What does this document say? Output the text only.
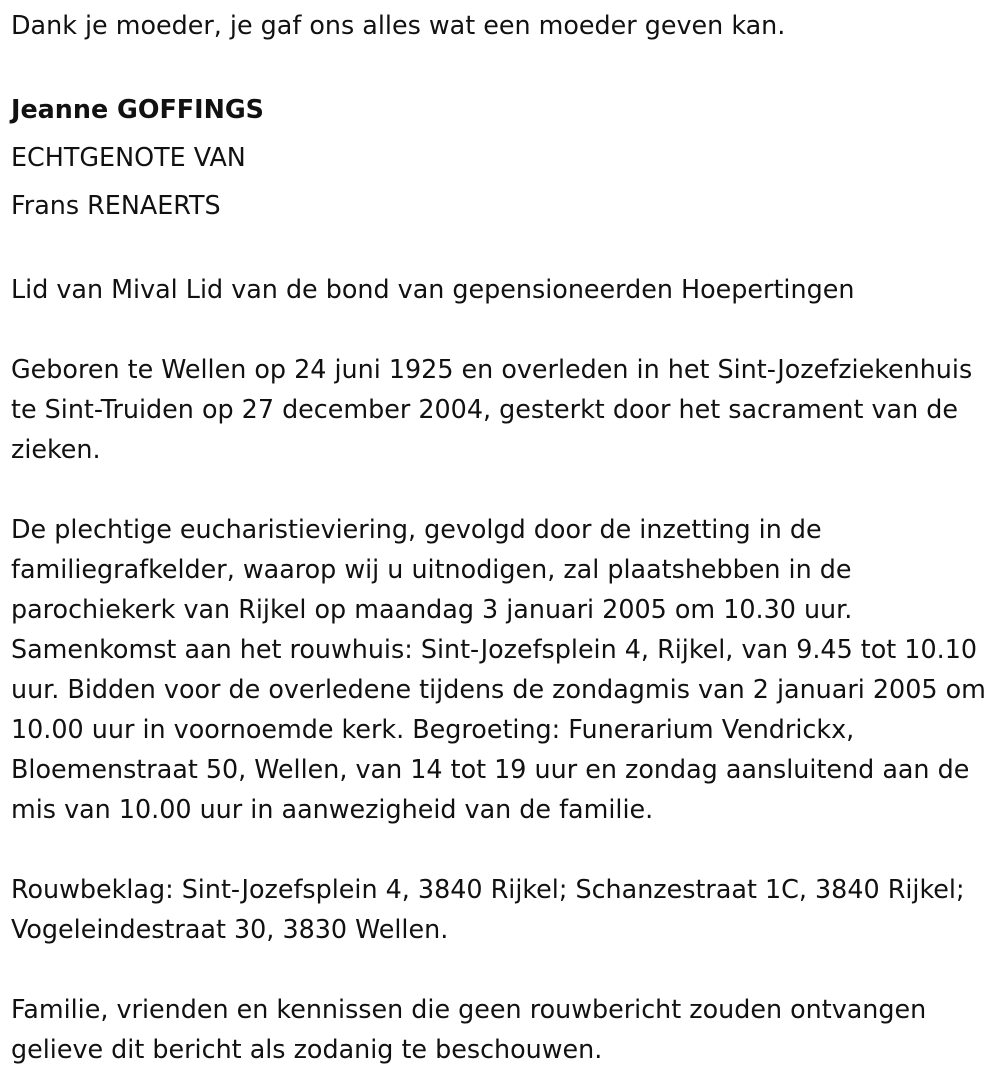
Dank je moeder, je gaf ons alles wat een moeder geven kan.

Jeanne GOFFINGS

ECHTGENOTE VAN

Frans RENAERTS

Lid van Mival Lid van de bond van gepensioneerden Hoepertingen

Geboren te Wellen op 24 juni 1925 en overleden in het Sint-Jozefziekenhuis te Sint-Truiden op 27 december 2004, gesterkt door het sacrament van de zieken.

De plechtige eucharistieviering, gevolgd door de inzetting in de familiegrafkelder, waarop wij u uitnodigen, zal plaatshebben in de parochiekerk van Rijkel op maandag 3 januari 2005 om 10.30 uur. Samenkomst aan het rouwhuis: Sint-Jozefsplein 4, Rijkel, van 9.45 tot 10.10 uur. Bidden voor de overledene tijdens de zondagmis van 2 januari 2005 om 10.00 uur in voornoemde kerk. Begroeting: Funerarium Vendrickx, Bloemenstraat 50, Wellen, van 14 tot 19 uur en zondag aansluitend aan de mis van 10.00 uur in aanwezigheid van de familie.

Rouwbeklag: Sint-Jozefsplein 4, 3840 Rijkel; Schanzestraat 1C, 3840 Rijkel; Vogeleindestraat 30, 3830 Wellen.

Familie, vrienden en kennissen die geen rouwbericht zouden ontvangen gelieve dit bericht als zodanig te beschouwen.
